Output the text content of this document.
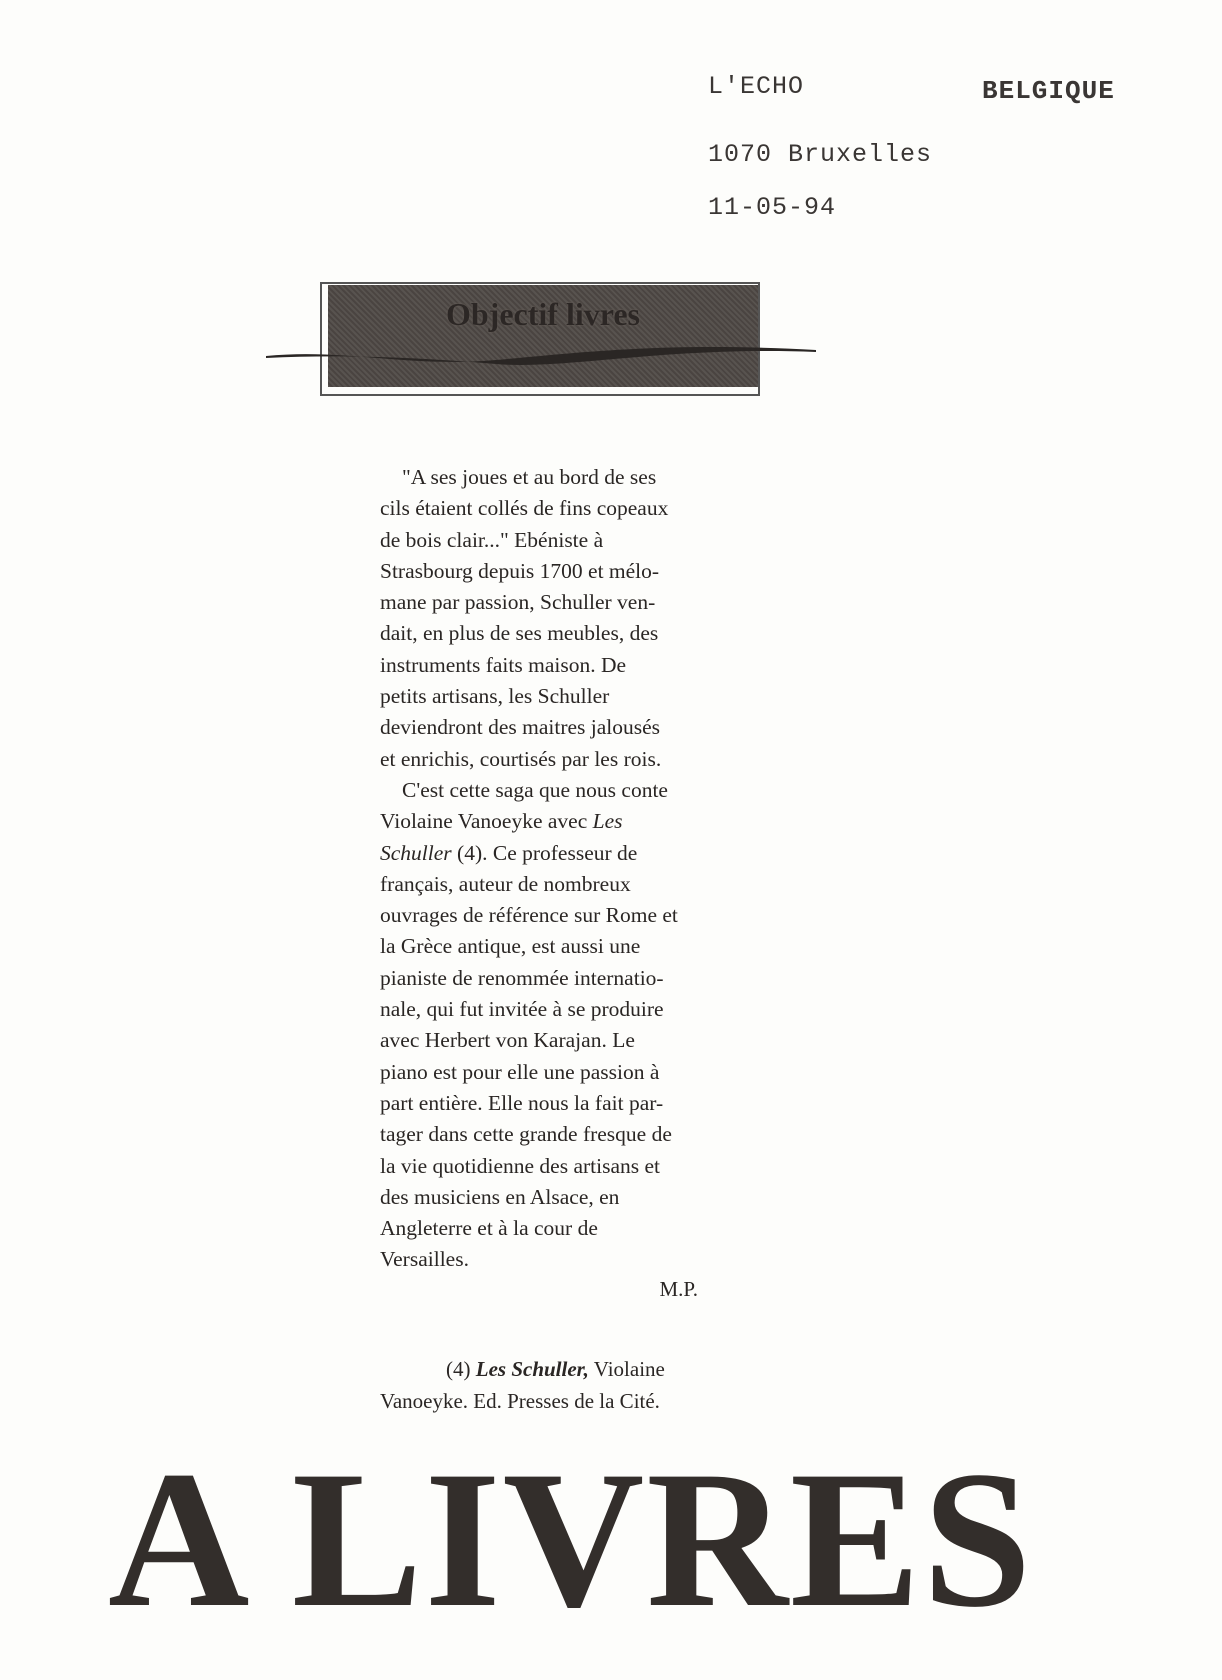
L'ECHO	BELGIQUE
1070 Bruxelles
11-05-94
Objectif livres
"A ses joues et au bord de ses
cils étaient collés de fins copeaux
de bois clair..." Ebéniste à
Strasbourg depuis 1700 et mélo-
mane par passion, Schuller ven-
dait, en plus de ses meubles, des
instruments faits maison. De
petits artisans, les Schuller
deviendront des maitres jalousés
et enrichis, courtisés par les rois.
C'est cette saga que nous conte
Violaine Vanoeyke avec Les
Schuller (4). Ce professeur de
français, auteur de nombreux
ouvrages de référence sur Rome et
la Grèce antique, est aussi une
pianiste de renommée internatio-
nale, qui fut invitée à se produire
avec Herbert von Karajan. Le
piano est pour elle une passion à
part entière. Elle nous la fait par-
tager dans cette grande fresque de
la vie quotidienne des artisans et
des musiciens en Alsace, en
Angleterre et à la cour de
Versailles.
M.P.
(4) Les Schuller, Violaine
Vanoeyke. Ed. Presses de la Cité.
A LIVRES
